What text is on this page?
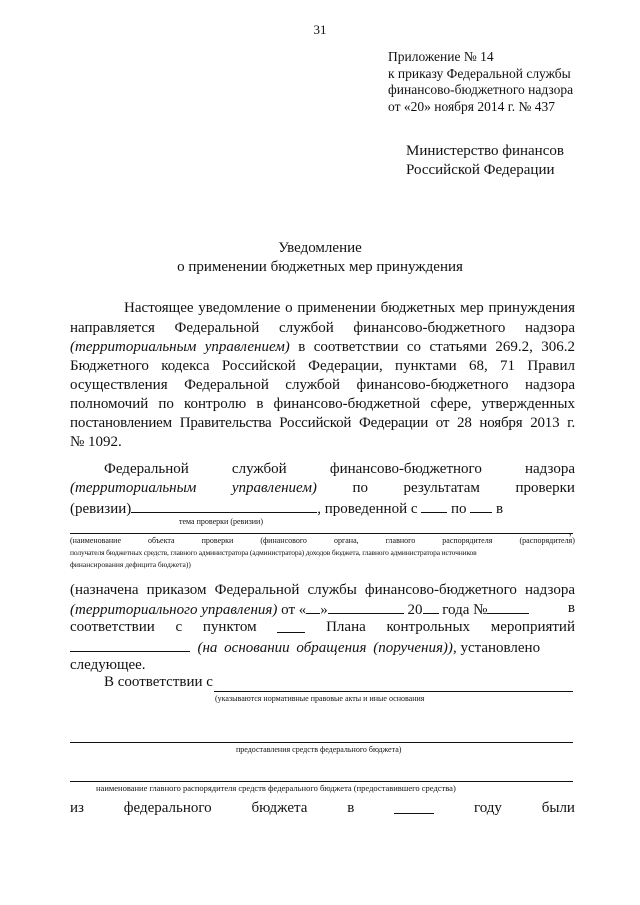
31
Приложение № 14
к приказу Федеральной службы
финансово-бюджетного надзора
от «20» ноября 2014 г. № 437
Министерство финансов
Российской Федерации
Уведомление
о применении бюджетных мер принуждения
Настоящее уведомление о применении бюджетных мер принуждения
направляется Федеральной службой финансово-бюджетного надзора
(территориальным управлением) в соответствии со статьями 269.2, 306.2
Бюджетного кодекса Российской Федерации, пунктами 68, 71 Правил
осуществления Федеральной службой финансово-бюджетного надзора
полномочий по контролю в финансово-бюджетной сфере, утвержденных
постановлением Правительства Российской Федерации от 28 ноября 2013 г.
№ 1092.
Федеральной	службой	финансово-бюджетного	надзора
(территориальным управлением) по результатам проверки
(ревизии)	, проведенной с по в
тема проверки (ревизии)
,
(наименование	объекта	проверки	(финансового	органа,	главного	распорядителя	(распорядителя)
получателя бюджетных средств, главного администратора (администратора) доходов бюджета, главного администратора источников
финансирования дефицита бюджета))
(назначена приказом Федеральной службы финансово-бюджетного надзора
(территориального управления) от « »	20 года №	в
соответствии с пунктом	Плана контрольных мероприятий
(на основании обращения (поручения)), установлено
следующее.
В соответствии с
(указываются нормативные правовые акты и иные основания
предоставления средств федерального бюджета)
наименование главного распорядителя средств федерального бюджета (предоставившего средства)
из	федерального	бюджета	в	году	были
